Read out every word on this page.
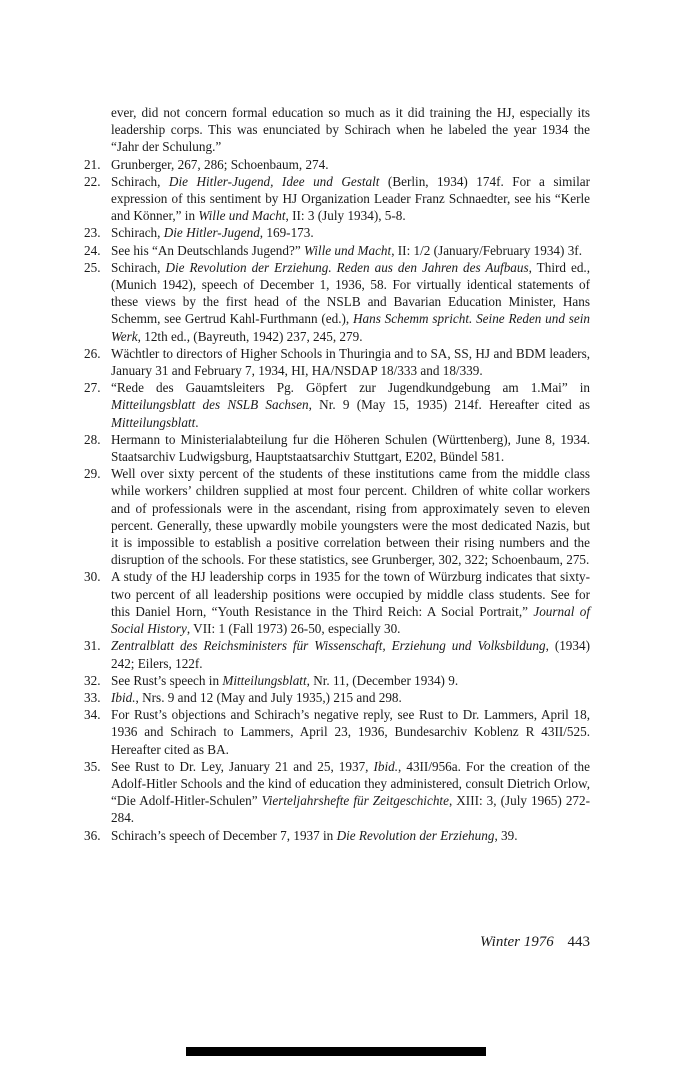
ever, did not concern formal education so much as it did training the HJ, especially its leadership corps. This was enunciated by Schirach when he labeled the year 1934 the “Jahr der Schulung.”

21. Grunberger, 267, 286; Schoenbaum, 274.

22. Schirach, Die Hitler-Jugend, Idee und Gestalt (Berlin, 1934) 174f. For a similar expression of this sentiment by HJ Organization Leader Franz Schnaedter, see his “Kerle and Könner,” in Wille und Macht, II: 3 (July 1934), 5-8.

23. Schirach, Die Hitler-Jugend, 169-173.

24. See his “An Deutschlands Jugend?” Wille und Macht, II: 1/2 (January/February 1934) 3f.

25. Schirach, Die Revolution der Erziehung. Reden aus den Jahren des Aufbaus, Third ed., (Munich 1942), speech of December 1, 1936, 58. For virtually identical statements of these views by the first head of the NSLB and Bavarian Education Minister, Hans Schemm, see Gertrud Kahl-Furthmann (ed.), Hans Schemm spricht. Seine Reden und sein Werk, 12th ed., (Bayreuth, 1942) 237, 245, 279.

26. Wächtler to directors of Higher Schools in Thuringia and to SA, SS, HJ and BDM leaders, January 31 and February 7, 1934, HI, HA/NSDAP 18/333 and 18/339.

27. “Rede des Gauamtsleiters Pg. Göpfert zur Jugendkundgebung am 1.Mai” in Mitteilungsblatt des NSLB Sachsen, Nr. 9 (May 15, 1935) 214f. Hereafter cited as Mitteilungsblatt.

28. Hermann to Ministerialabteilung fur die Höheren Schulen (Württenberg), June 8, 1934. Staatsarchiv Ludwigsburg, Hauptstaatsarchiv Stuttgart, E202, Bündel 581.

29. Well over sixty percent of the students of these institutions came from the middle class while workers’ children supplied at most four percent. Children of white collar workers and of professionals were in the ascendant, rising from approximately seven to eleven percent. Generally, these upwardly mobile youngsters were the most dedicated Nazis, but it is impossible to establish a positive correlation between their rising numbers and the disruption of the schools. For these statistics, see Grunberger, 302, 322; Schoenbaum, 275.

30. A study of the HJ leadership corps in 1935 for the town of Würzburg indicates that sixty-two percent of all leadership positions were occupied by middle class students. See for this Daniel Horn, “Youth Resistance in the Third Reich: A Social Portrait,” Journal of Social History, VII: 1 (Fall 1973) 26-50, especially 30.

31. Zentralblatt des Reichsministers für Wissenschaft, Erziehung und Volksbildung, (1934) 242; Eilers, 122f.

32. See Rust’s speech in Mitteilungsblatt, Nr. 11, (December 1934) 9.

33. Ibid., Nrs. 9 and 12 (May and July 1935,) 215 and 298.

34. For Rust’s objections and Schirach’s negative reply, see Rust to Dr. Lammers, April 18, 1936 and Schirach to Lammers, April 23, 1936, Bundesarchiv Koblenz R 43II/525. Hereafter cited as BA.

35. See Rust to Dr. Ley, January 21 and 25, 1937, Ibid., 43II/956a. For the creation of the Adolf-Hitler Schools and the kind of education they administered, consult Dietrich Orlow, “Die Adolf-Hitler-Schulen” Vierteljahrshefte für Zeitgeschichte, XIII: 3, (July 1965) 272-284.

36. Schirach’s speech of December 7, 1937 in Die Revolution der Erziehung, 39.

Winter 1976 443
